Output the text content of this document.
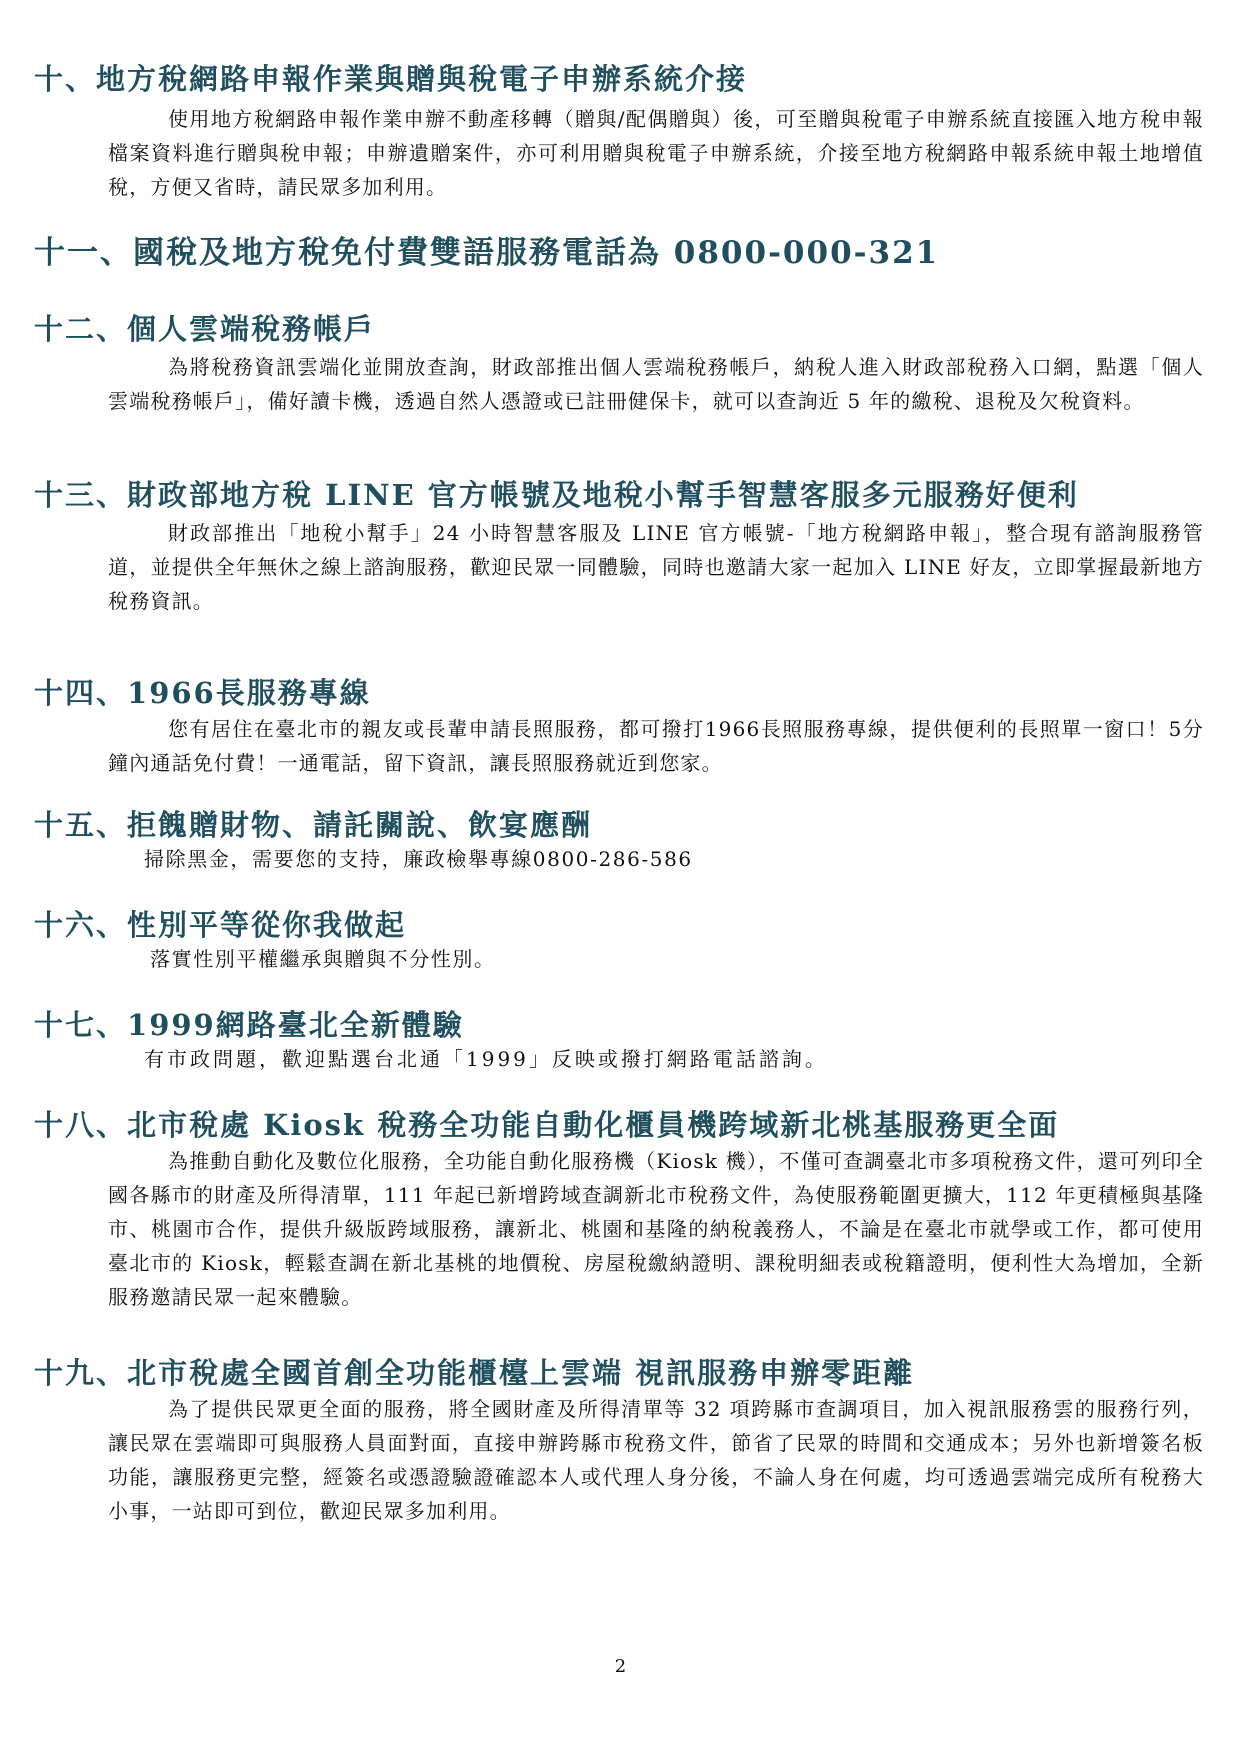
十、 地方稅網路申報作業與贈與稅電子申辦系統介接

使用地方稅網路申報作業申辦不動產移轉（贈與/配偶贈與）後，可至贈與稅電子申辦系統直接匯入地方稅申報檔案資料進行贈與稅申報；申辦遺贈案件，亦可利用贈與稅電子申辦系統，介接至地方稅網路申報系統申報土地增值稅，方便又省時，請民眾多加利用。

十一、 國稅及地方稅免付費雙語服務電話為 0800-000-321
十二、 個人雲端稅務帳戶

為將稅務資訊雲端化並開放查詢，財政部推出個人雲端稅務帳戶，納稅人進入財政部稅務入口網，點選「個人雲端稅務帳戶」，備好讀卡機，透過自然人憑證或已註冊健保卡，就可以查詢近 5 年的繳稅、退稅及欠稅資料。

十三、 財政部地方稅 LINE 官方帳號及地稅小幫手智慧客服多元服務好便利

財政部推出「地稅小幫手」24 小時智慧客服及 LINE 官方帳號-「地方稅網路申報」，整合現有諮詢服務管道，並提供全年無休之線上諮詢服務，歡迎民眾一同體驗，同時也邀請大家一起加入 LINE 好友，立即掌握最新地方稅務資訊。

十四、 1966長服務專線

您有居住在臺北市的親友或長輩申請長照服務，都可撥打1966長照服務專線，提供便利的長照單一窗口！5分鐘內通話免付費！一通電話，留下資訊，讓長照服務就近到您家。

十五、 拒餽贈財物、請託關說、飲宴應酬

掃除黑金，需要您的支持，廉政檢舉專線0800-286-586

十六、 性別平等從你我做起

落實性別平權繼承與贈與不分性別。

十七、 1999網路臺北全新體驗

有市政問題，歡迎點選台北通「1999」反映或撥打網路電話諮詢。

十八、 北市稅處 Kiosk 稅務全功能自動化櫃員機跨域新北桃基服務更全面

為推動自動化及數位化服務，全功能自動化服務機（Kiosk 機），不僅可查調臺北市多項稅務文件，還可列印全國各縣市的財產及所得清單，111 年起已新增跨域查調新北市稅務文件，為使服務範圍更擴大，112 年更積極與基隆市、桃園市合作，提供升級版跨域服務，讓新北、桃園和基隆的納稅義務人，不論是在臺北市就學或工作，都可使用臺北市的 Kiosk，輕鬆查調在新北基桃的地價稅、房屋稅繳納證明、課稅明細表或稅籍證明，便利性大為增加，全新服務邀請民眾一起來體驗。

十九、 北市稅處全國首創全功能櫃檯上雲端 視訊服務申辦零距離

為了提供民眾更全面的服務，將全國財產及所得清單等 32 項跨縣市查調項目，加入視訊服務雲的服務行列，讓民眾在雲端即可與服務人員面對面，直接申辦跨縣市稅務文件，節省了民眾的時間和交通成本；另外也新增簽名板功能，讓服務更完整，經簽名或憑證驗證確認本人或代理人身分後，不論人身在何處，均可透過雲端完成所有稅務大小事，一站即可到位，歡迎民眾多加利用。

2
